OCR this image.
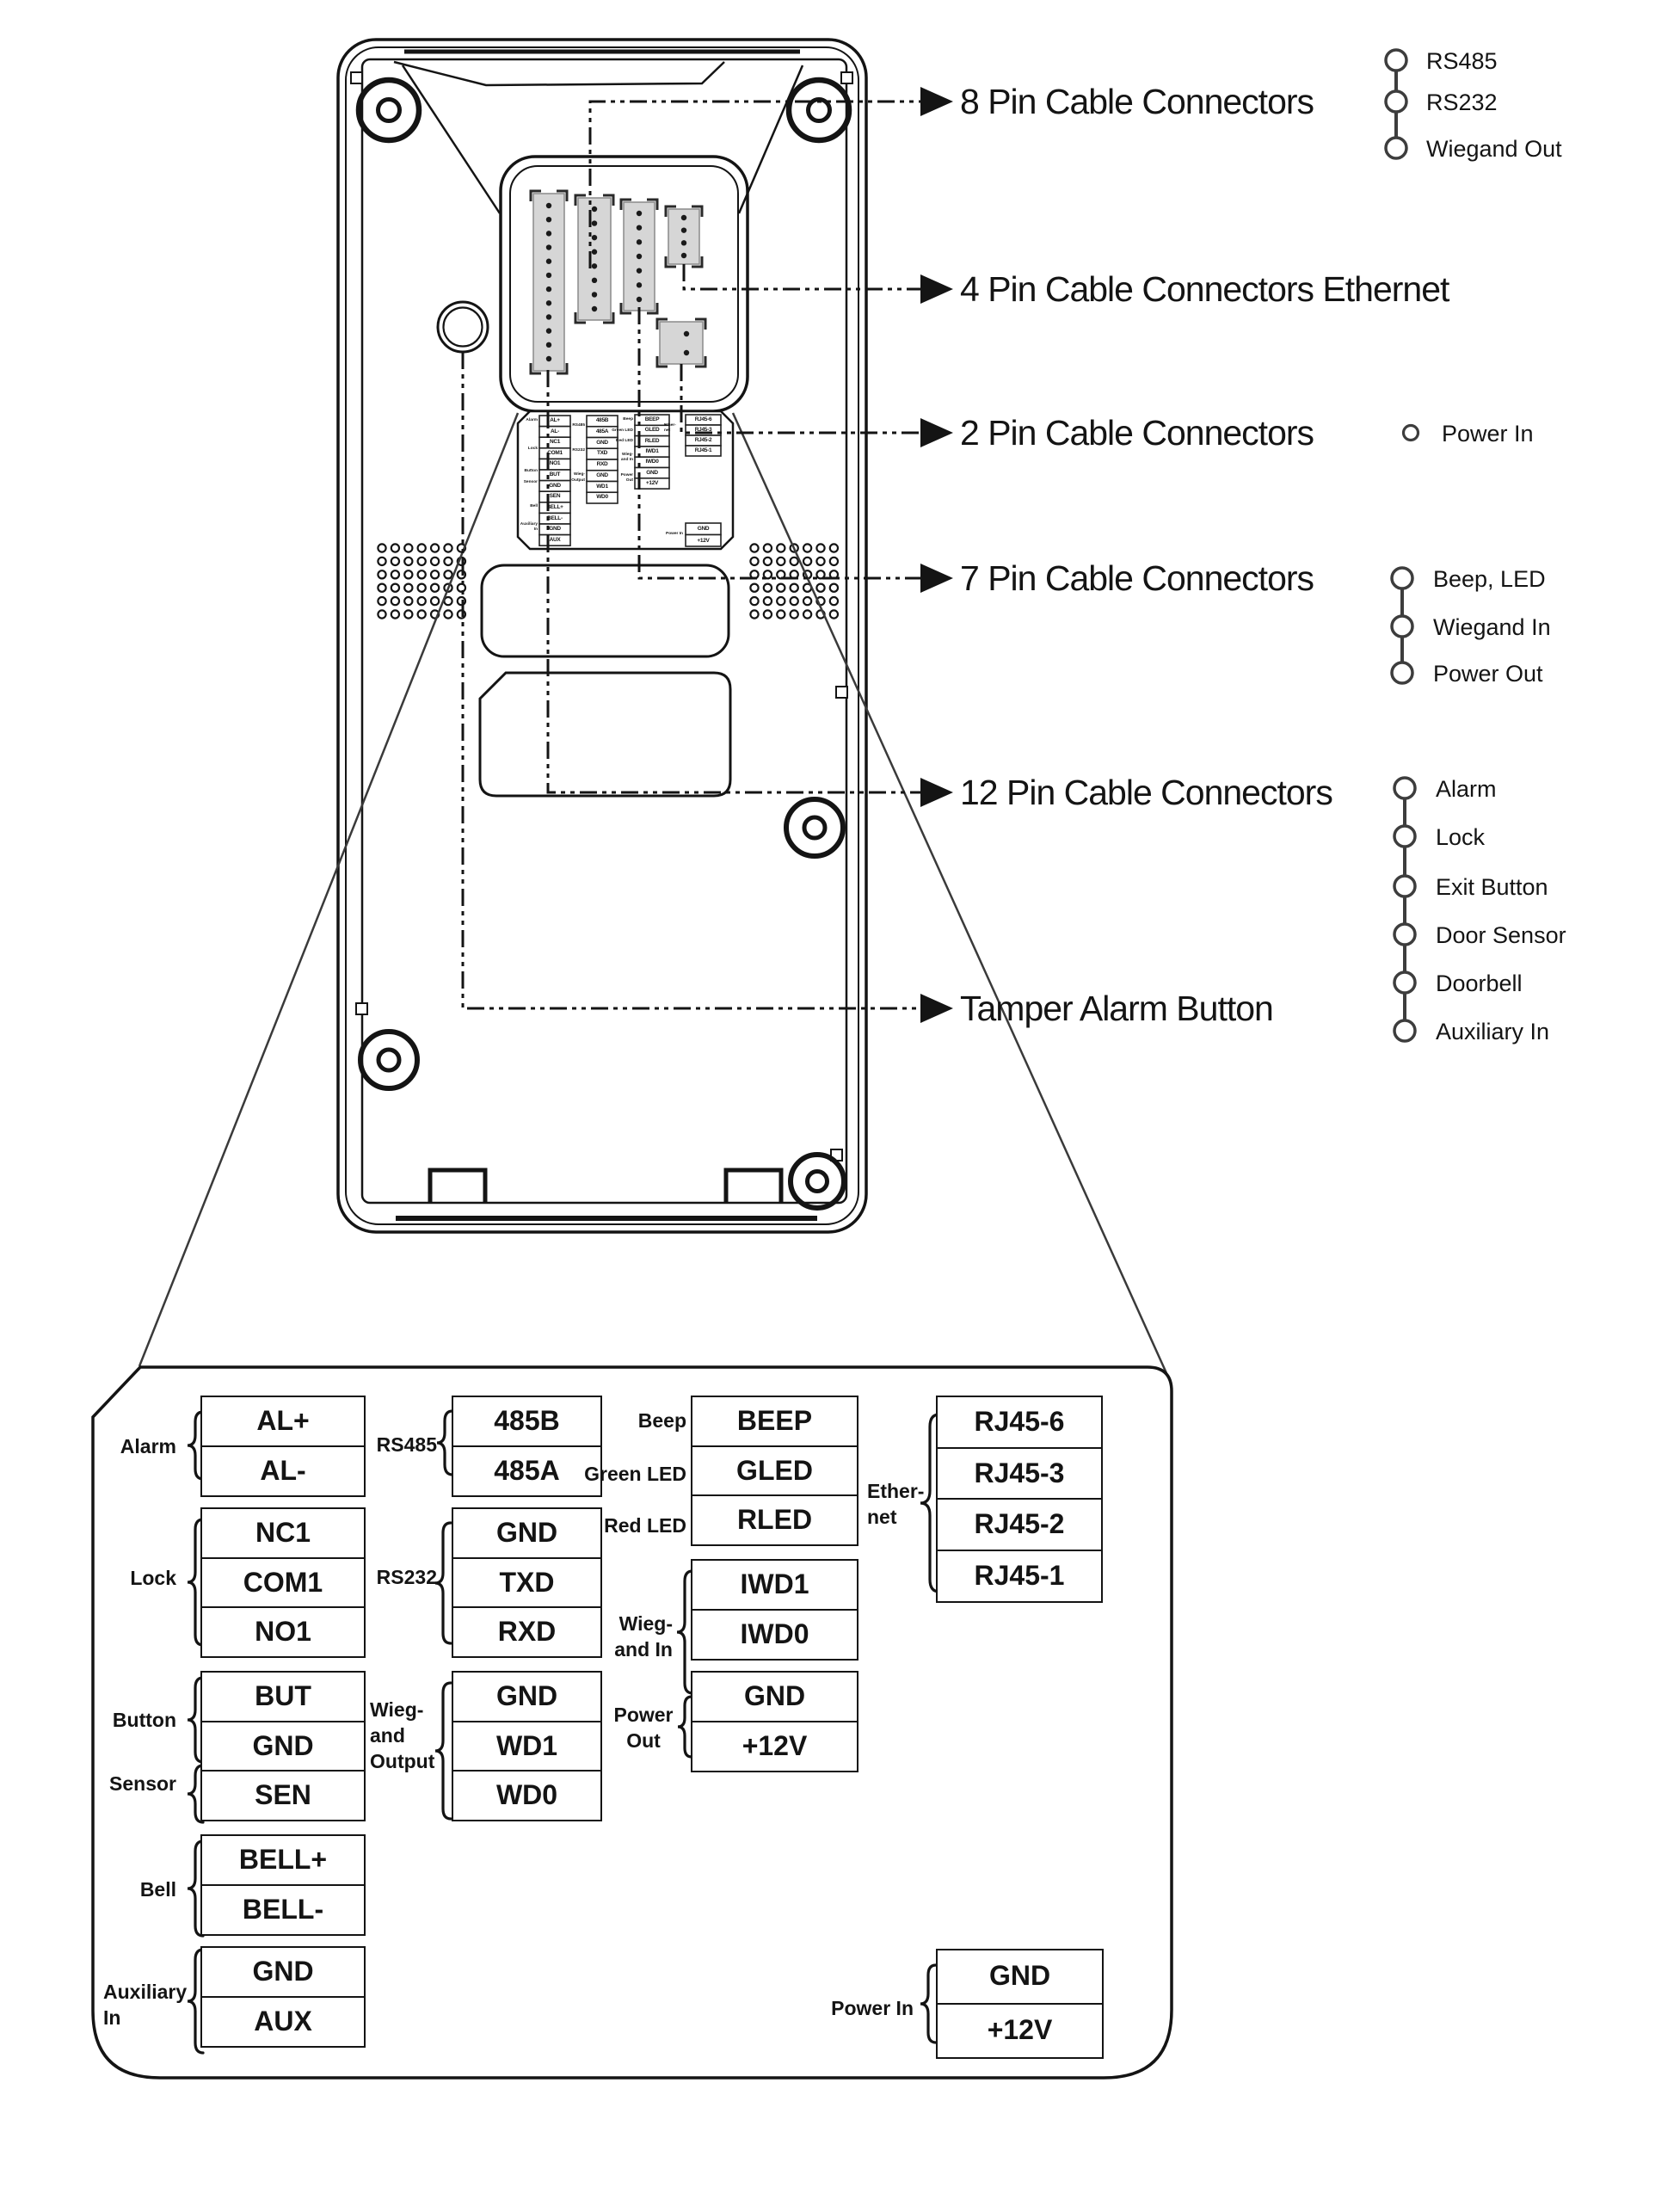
8 Pin Cable Connectors
4 Pin Cable Connectors Ethernet
2 Pin Cable Connectors
7 Pin Cable Connectors
12 Pin Cable Connectors
Tamper Alarm Button
RS485
RS232
Wiegand Out
Power In
Beep, LED
Wiegand In
Power Out
Alarm
Lock
Exit Button
Door Sensor
Doorbell
Auxiliary In
AL+
AL-
NC1
COM1
NO1
BUT
GND
SEN
BELL+
BELL-
GND
AUX
485B
485A
GND
TXD
RXD
GND
WD1
WD0
BEEP
GLED
RLED
IWD1
IWD0
GND
+12V
RJ45-6
RJ45-3
RJ45-2
RJ45-1
GND
+12V
Alarm
Lock
Button
Sensor
Bell
Auxiliary
In
RS485
RS232
Wieg-
and
Output
Beep
Green LED
Red LED
Wieg-
and In
Power
Out
Ether-
net
Power In
AL+
AL-
NC1
COM1
NO1
BUT
GND
SEN
BELL+
BELL-
GND
AUX
485B
485A
GND
TXD
RXD
GND
WD1
WD0
BEEP
GLED
RLED
IWD1
IWD0
GND
+12V
RJ45-6
RJ45-3
RJ45-2
RJ45-1
GND
+12V
Alarm
Lock
Button
Sensor
Bell
Auxiliary
In
RS485
RS232
Wieg-
Output
Beep
Green LED
Red LED
Wieg-
and In
Power
Out
Ether-
net
Power In
